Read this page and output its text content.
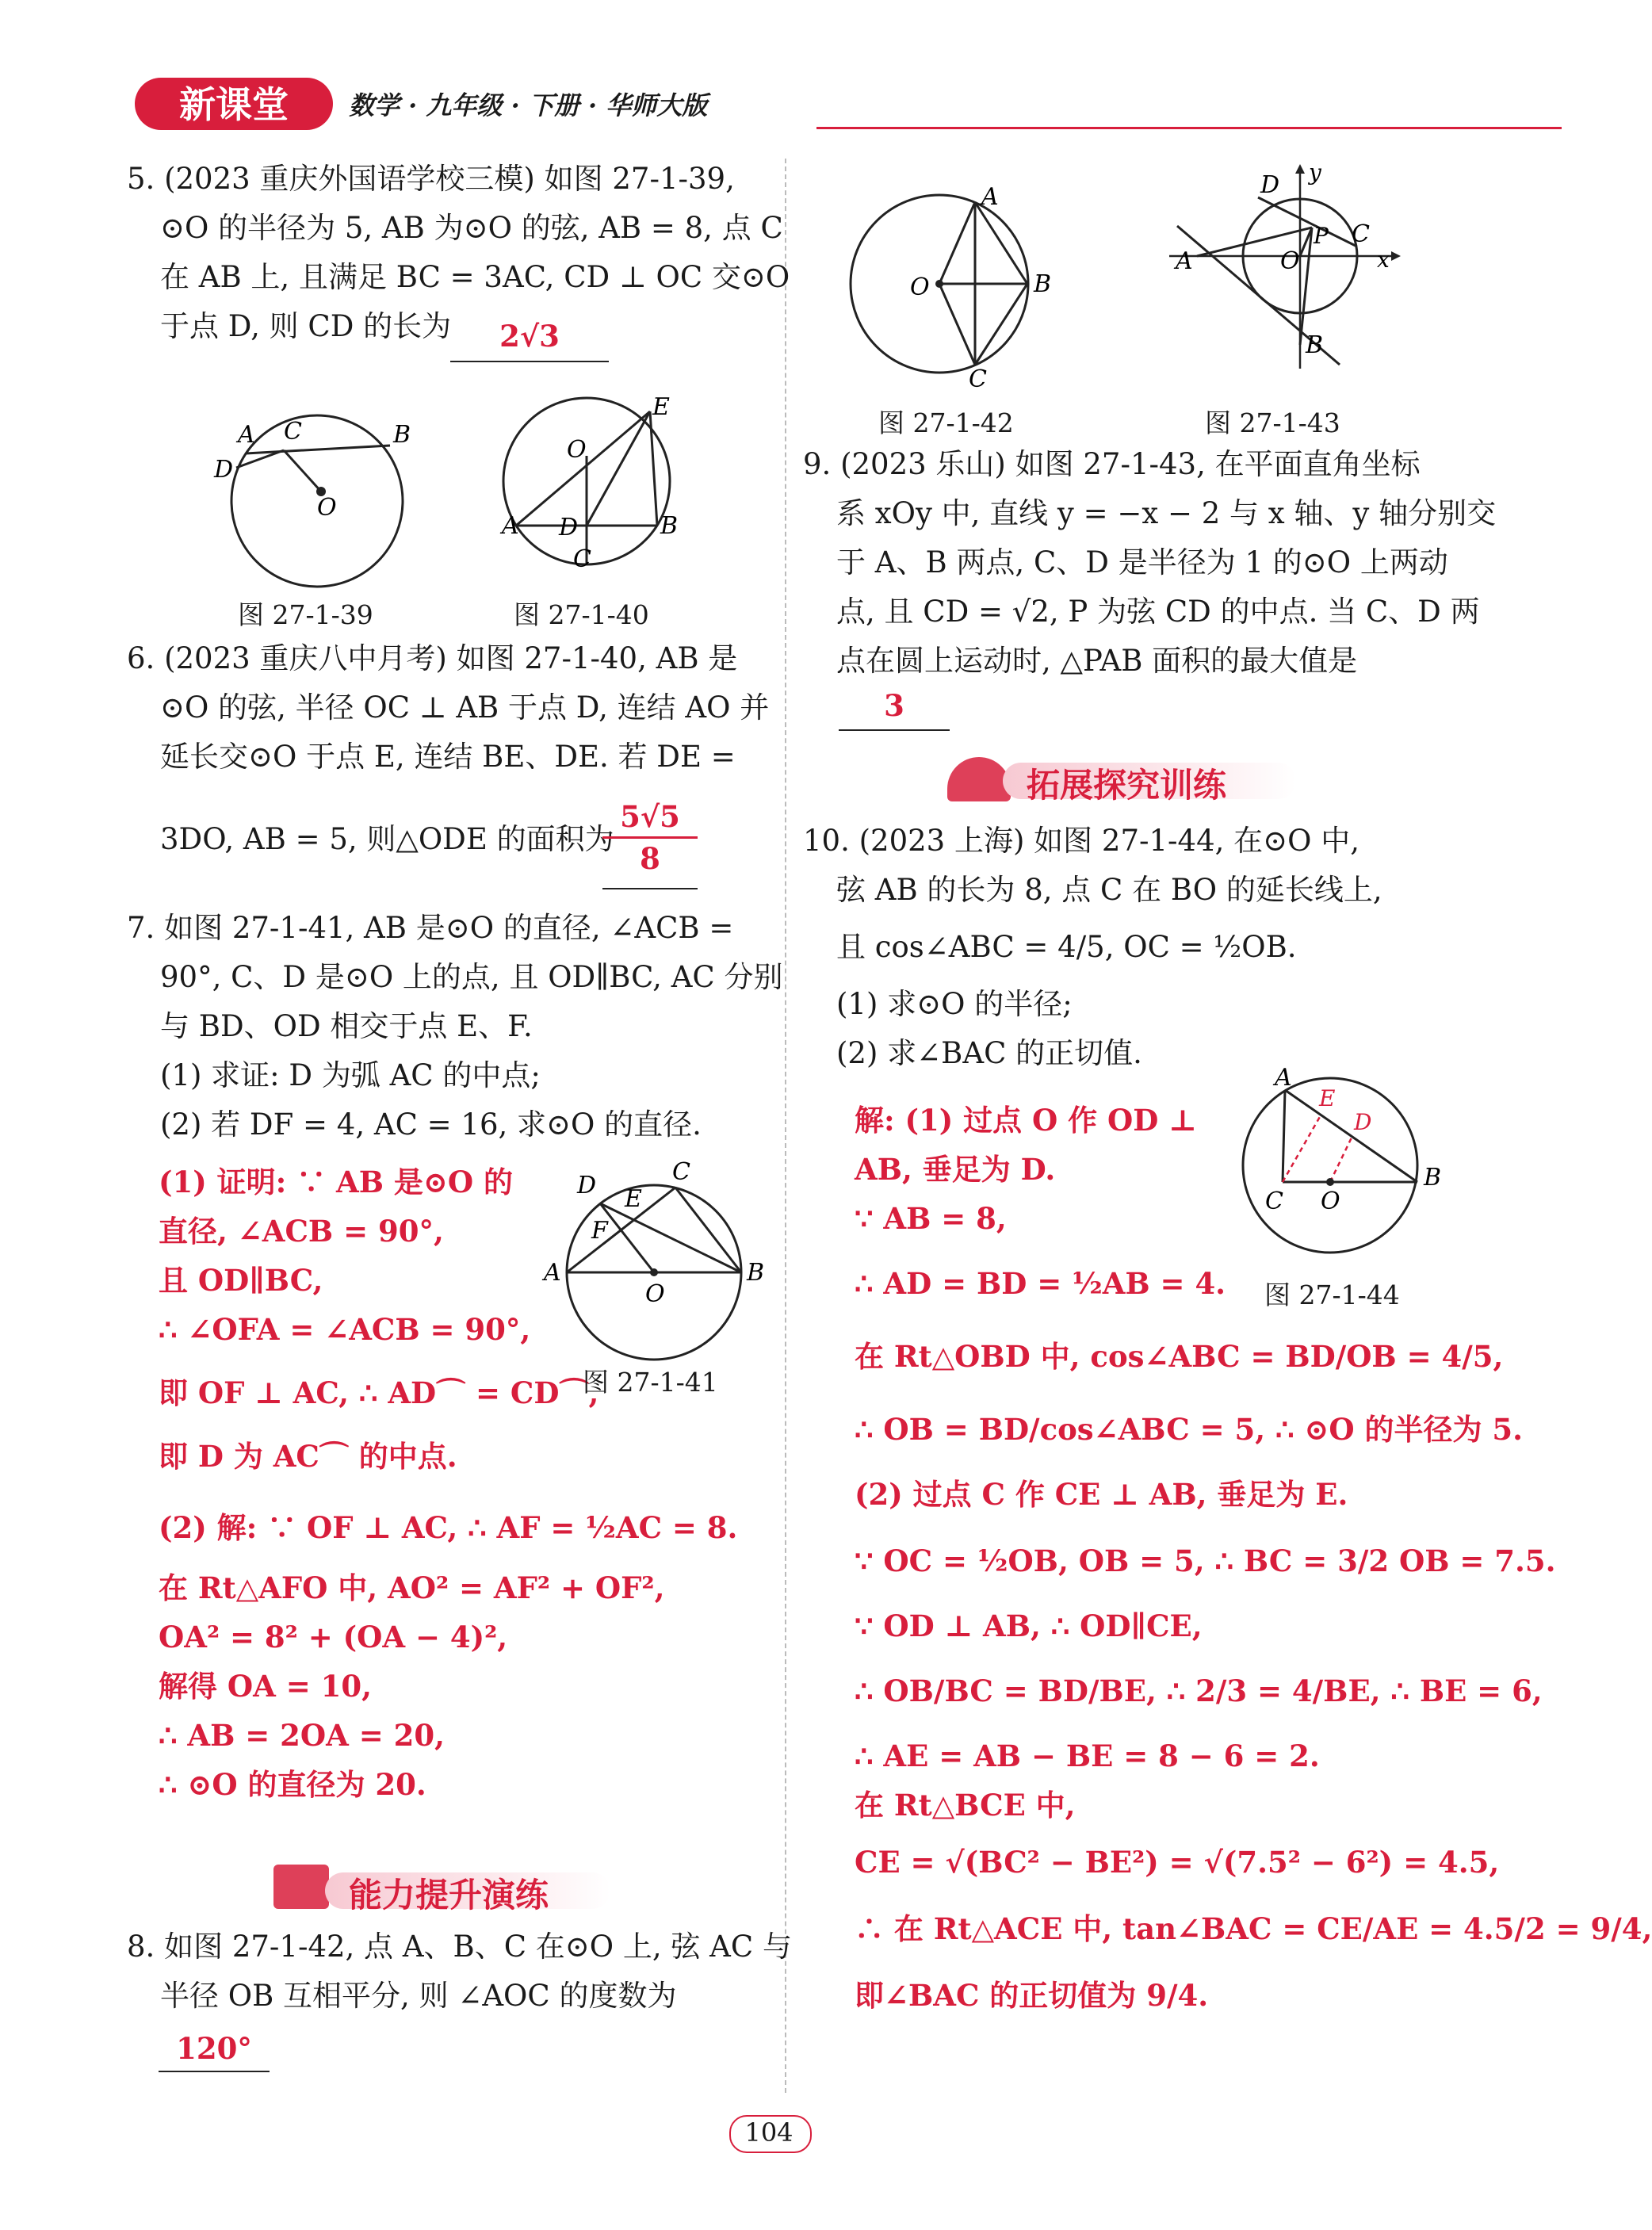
新课堂	数学 · 九年级 · 下册 · 华师大版
5. (2023 重庆外国语学校三模) 如图 27-1-39,
⊙O 的半径为 5, AB 为⊙O 的弦, AB = 8, 点 C
在 AB 上, 且满足 BC = 3AC, CD ⊥ OC 交⊙O
于点 D, 则 CD 的长为	2√3
A C	B
D
O
图 27-1-39
E
O
A D	B
C
图 27-1-40
6. (2023 重庆八中月考) 如图 27-1-40, AB 是
⊙O 的弦, 半径 OC ⊥ AB 于点 D, 连结 AO 并
延长交⊙O 于点 E, 连结 BE、DE. 若 DE =
3DO, AB = 5, 则△ODE 的面积为
$\frac{5√5}{8}$
7. 如图 27-1-41, AB 是⊙O 的直径, ∠ACB =
90°, C、D 是⊙O 上的点, 且 OD∥BC, AC 分别
与 BD、OD 相交于点 E、F.
(1) 求证: D 为弧 AC 的中点;
(2) 若 DF = 4, AC = 16, 求⊙O 的直径.
(1) 证明: ∵ AB 是⊙O 的
直径, ∠ACB = 90°,
且 OD∥BC,
∴ ∠OFA = ∠ACB = 90°,
即 OF ⊥ AC, ∴ AD⌒ = CD⌒,
即 D 为 AC⌒ 的中点.
(2) 解: ∵ OF ⊥ AC, ∴ AF = ½AC = 8.
在 Rt△AFO 中, AO² = AF² + OF²,
OA² = 8² + (OA − 4)²,
解得 OA = 10,
∴ AB = 2OA = 20,
∴ ⊙O 的直径为 20.
C
D E
F
A
O
B
图 27-1-41
能力提升演练
8. 如图 27-1-42, 点 A、B、C 在⊙O 上, 弦 AC 与
半径 OB 互相平分, 则 ∠AOC 的度数为
120°
A
O	B
C
图 27-1-42
D y
P C
A	O	x
B
图 27-1-43
9. (2023 乐山) 如图 27-1-43, 在平面直角坐标
系 xOy 中, 直线 y = −x − 2 与 x 轴、y 轴分别交
于 A、B 两点, C、D 是半径为 1 的⊙O 上两动
点, 且 CD = √2, P 为弦 CD 的中点. 当 C、D 两
点在圆上运动时, △PAB 面积的最大值是
3
拓展探究训练
10. (2023 上海) 如图 27-1-44, 在⊙O 中,
弦 AB 的长为 8, 点 C 在 BO 的延长线上,
且 cos∠ABC = 4/5, OC = ½OB.
(1) 求⊙O 的半径;
(2) 求∠BAC 的正切值.
解: (1) 过点 O 作 OD ⊥
AB, 垂足为 D.
∵ AB = 8,
∴ AD = BD = ½AB = 4.
在 Rt△OBD 中, cos∠ABC = BD/OB = 4/5,
∴ OB = BD/cos∠ABC = 5, ∴ ⊙O 的半径为 5.
(2) 过点 C 作 CE ⊥ AB, 垂足为 E.
∵ OC = ½OB, OB = 5, ∴ BC = 3/2 OB = 7.5.
∵ OD ⊥ AB, ∴ OD∥CE,
∴ OB/BC = BD/BE, ∴ 2/3 = 4/BE, ∴ BE = 6,
∴ AE = AB − BE = 8 − 6 = 2.
在 Rt△BCE 中,
CE = √(BC² − BE²) = √(7.5² − 6²) = 4.5,
∴ 在 Rt△ACE 中, tan∠BAC = CE/AE = 4.5/2 = 9/4,
即∠BAC 的正切值为 9/4.
A
E
D
C O
B
图 27-1-44
104
